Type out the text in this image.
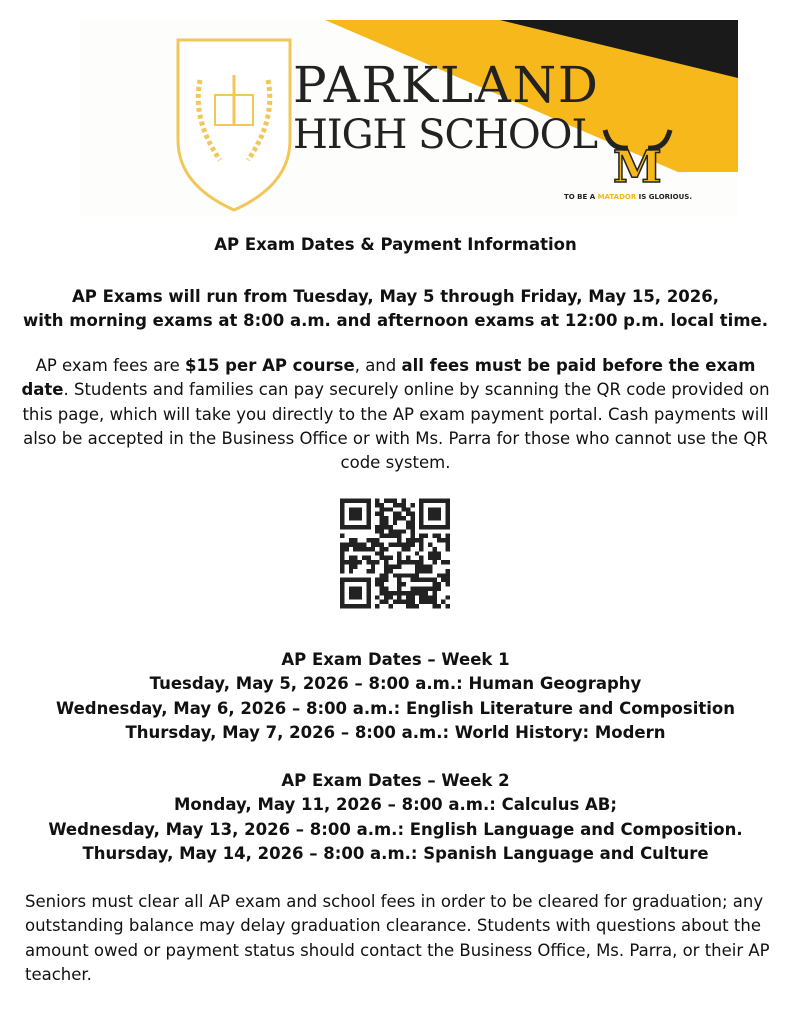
PARKLAND
HIGH SCHOOL
M
TO BE A MATADOR IS GLORIOUS.
AP Exam Dates & Payment Information

AP Exams will run from Tuesday, May 5 through Friday, May 15, 2026,

with morning exams at 8:00 a.m. and afternoon exams at 12:00 p.m. local time.

AP exam fees are $15 per AP course, and all fees must be paid before the exam date. Students and families can pay securely online by scanning the QR code provided on this page, which will take you directly to the AP exam payment portal. Cash payments will also be accepted in the Business Office or with Ms. Parra for those who cannot use the QR code system.

AP Exam Dates – Week 1

Tuesday, May 5, 2026 – 8:00 a.m.: Human Geography

Wednesday, May 6, 2026 – 8:00 a.m.: English Literature and Composition

Thursday, May 7, 2026 – 8:00 a.m.: World History: Modern

AP Exam Dates – Week 2

Monday, May 11, 2026 – 8:00 a.m.: Calculus AB;

Wednesday, May 13, 2026 – 8:00 a.m.: English Language and Composition.

Thursday, May 14, 2026 – 8:00 a.m.: Spanish Language and Culture

Seniors must clear all AP exam and school fees in order to be cleared for graduation; any outstanding balance may delay graduation clearance. Students with questions about the amount owed or payment status should contact the Business Office, Ms. Parra, or their AP teacher.
